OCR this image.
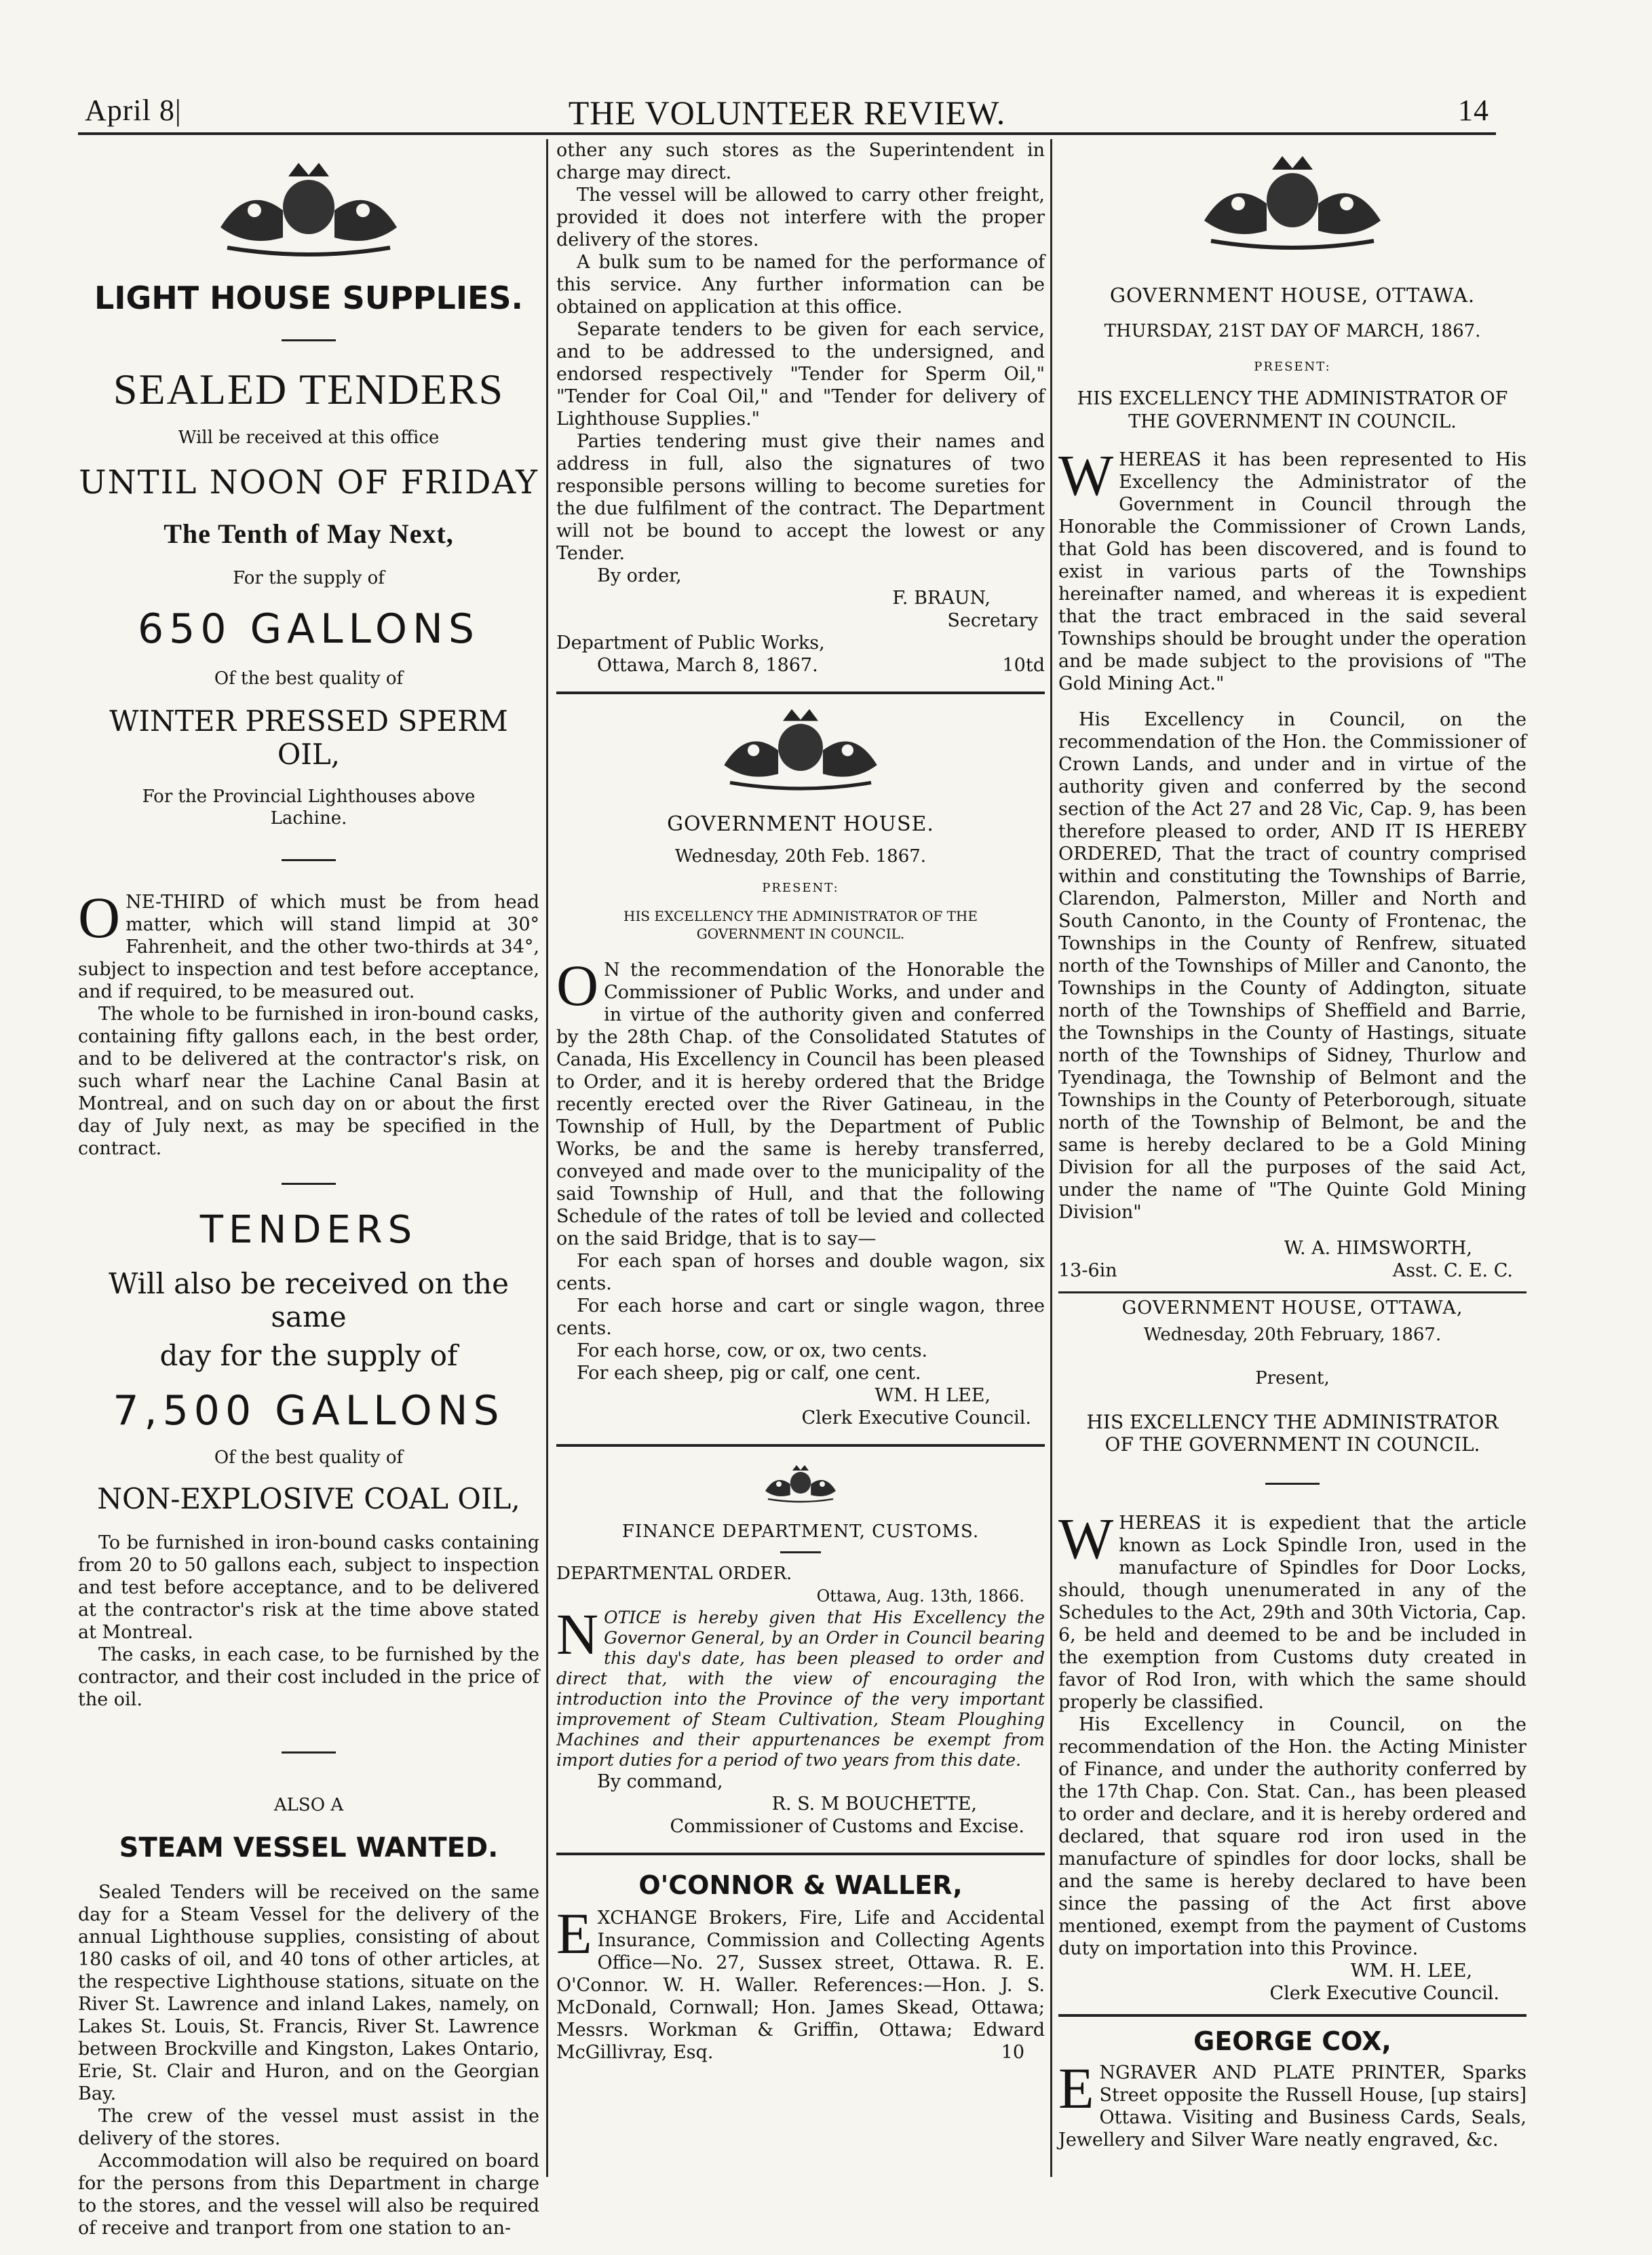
April 8|	THE VOLUNTEER REVIEW.	14
LIGHT HOUSE SUPPLIES.
SEALED TENDERS
Will be received at this office
UNTIL NOON OF FRIDAY
The Tenth of May Next,
For the supply of
650 GALLONS
Of the best quality of
WINTER PRESSED SPERM OIL,
For the Provincial Lighthouses above
Lachine.

ONE-THIRD of which must be from head matter, which will stand limpid at 30° Fahrenheit, and the other two-thirds at 34°, subject to inspection and test before acceptance, and if required, to be measured out.

The whole to be furnished in iron-bound casks, containing fifty gallons each, in the best order, and to be delivered at the contractor's risk, on such wharf near the Lachine Canal Basin at Montreal, and on such day on or about the first day of July next, as may be specified in the contract.

TENDERS
Will also be received on the same
day for the supply of
7,500 GALLONS
Of the best quality of
NON-EXPLOSIVE COAL OIL,

To be furnished in iron-bound casks containing from 20 to 50 gallons each, subject to inspection and test before acceptance, and to be delivered at the contractor's risk at the time above stated at Montreal.

The casks, in each case, to be furnished by the contractor, and their cost included in the price of the oil.

ALSO A
STEAM VESSEL WANTED.

Sealed Tenders will be received on the same day for a Steam Vessel for the delivery of the annual Lighthouse supplies, consisting of about 180 casks of oil, and 40 tons of other articles, at the respective Lighthouse stations, situate on the River St. Lawrence and inland Lakes, namely, on Lakes St. Louis, St. Francis, River St. Lawrence between Brockville and Kingston, Lakes Ontario, Erie, St. Clair and Huron, and on the Georgian Bay.

The crew of the vessel must assist in the delivery of the stores.

Accommodation will also be required on board for the persons from this Department in charge to the stores, and the vessel will also be required of receive and tranport from one station to an-

other any such stores as the Superintendent in charge may direct.

The vessel will be allowed to carry other freight, provided it does not interfere with the proper delivery of the stores.

A bulk sum to be named for the performance of this service. Any further information can be obtained on application at this office.

Separate tenders to be given for each service, and to be addressed to the undersigned, and endorsed respectively "Tender for Sperm Oil," "Tender for Coal Oil," and "Tender for delivery of Lighthouse Supplies."

Parties tendering must give their names and address in full, also the signatures of two responsible persons willing to become sureties for the due fulfilment of the contract. The Department will not be bound to accept the lowest or any Tender.

By order,

F. BRAUN,

Secretary

Department of Public Works,

Ottawa, March 8, 1867.	10td
GOVERNMENT HOUSE.
Wednesday, 20th Feb. 1867.
PRESENT:
HIS EXCELLENCY THE ADMINISTRATOR OF THE GOVERNMENT IN COUNCIL.

O N the recommendation of the Honorable the Commissioner of Public Works, and under and in virtue of the authority given and conferred by the 28th Chap. of the Consolidated Statutes of Canada, His Excellency in Council has been pleased to Order, and it is hereby ordered that the Bridge recently erected over the River Gatineau, in the Township of Hull, by the Department of Public Works, be and the same is hereby transferred, conveyed and made over to the municipality of the said Township of Hull, and that the following Schedule of the rates of toll be levied and collected on the said Bridge, that is to say—

For each span of horses and double wagon, six cents.

For each horse and cart or single wagon, three cents.

For each horse, cow, or ox, two cents.

For each sheep, pig or calf, one cent.

WM. H LEE,

Clerk Executive Council.

FINANCE DEPARTMENT, CUSTOMS.

DEPARTMENTAL ORDER.

Ottawa, Aug. 13th, 1866.

NOTICE is hereby given that His Excellency the Governor General, by an Order in Council bearing this day's date, has been pleased to order and direct that, with the view of encouraging the introduction into the Province of the very important improvement of Steam Cultivation, Steam Ploughing Machines and their appurtenances be exempt from import duties for a period of two years from this date.

By command,

R. S. M BOUCHETTE,

Commissioner of Customs and Excise.

O'CONNOR & WALLER,

EXCHANGE Brokers, Fire, Life and Accidental Insurance, Commission and Collecting Agents Office—No. 27, Sussex street, Ottawa. R. E. O'Connor. W. H. Waller. References:—Hon. J. S. McDonald, Cornwall; Hon. James Skead, Ottawa; Messrs. Workman & Griffin, Ottawa; Edward McGillivray, Esq.	10

GOVERNMENT HOUSE, OTTAWA.
THURSDAY, 21ST DAY OF MARCH, 1867.
PRESENT:
HIS EXCELLENCY THE ADMINISTRATOR OF THE GOVERNMENT IN COUNCIL.

WHEREAS it has been represented to His Excellency the Administrator of the Government in Council through the Honorable the Commissioner of Crown Lands, that Gold has been discovered, and is found to exist in various parts of the Townships hereinafter named, and whereas it is expedient that the tract embraced in the said several Townships should be brought under the operation and be made subject to the provisions of "The Gold Mining Act."

His Excellency in Council, on the recommendation of the Hon. the Commissioner of Crown Lands, and under and in virtue of the authority given and conferred by the second section of the Act 27 and 28 Vic, Cap. 9, has been therefore pleased to order, AND IT IS HEREBY ORDERED, That the tract of country comprised within and constituting the Townships of Barrie, Clarendon, Palmerston, Miller and North and South Canonto, in the County of Frontenac, the Townships in the County of Renfrew, situated north of the Townships of Miller and Canonto, the Townships in the County of Addington, situate north of the Townships of Sheffield and Barrie, the Townships in the County of Hastings, situate north of the Townships of Sidney, Thurlow and Tyendinaga, the Township of Belmont and the Townships in the County of Peterborough, situate north of the Township of Belmont, be and the same is hereby declared to be a Gold Mining Division for all the purposes of the said Act, under the name of "The Quinte Gold Mining Division"

W. A. HIMSWORTH,

13-6in	Asst. C. E. C.
GOVERNMENT HOUSE, OTTAWA,
Wednesday, 20th February, 1867.
Present,
HIS EXCELLENCY THE ADMINISTRATOR
OF THE GOVERNMENT IN COUNCIL.

WHEREAS it is expedient that the article known as Lock Spindle Iron, used in the manufacture of Spindles for Door Locks, should, though unenumerated in any of the Schedules to the Act, 29th and 30th Victoria, Cap. 6, be held and deemed to be and be included in the exemption from Customs duty created in favor of Rod Iron, with which the same should properly be classified.

His Excellency in Council, on the recommendation of the Hon. the Acting Minister of Finance, and under the authority conferred by the 17th Chap. Con. Stat. Can., has been pleased to order and declare, and it is hereby ordered and declared, that square rod iron used in the manufacture of spindles for door locks, shall be and the same is hereby declared to have been since the passing of the Act first above mentioned, exempt from the payment of Customs duty on importation into this Province.

WM. H. LEE,

Clerk Executive Council.

GEORGE COX,

ENGRAVER AND PLATE PRINTER, Sparks Street opposite the Russell House, [up stairs] Ottawa. Visiting and Business Cards, Seals, Jewellery and Silver Ware neatly engraved, &c.
